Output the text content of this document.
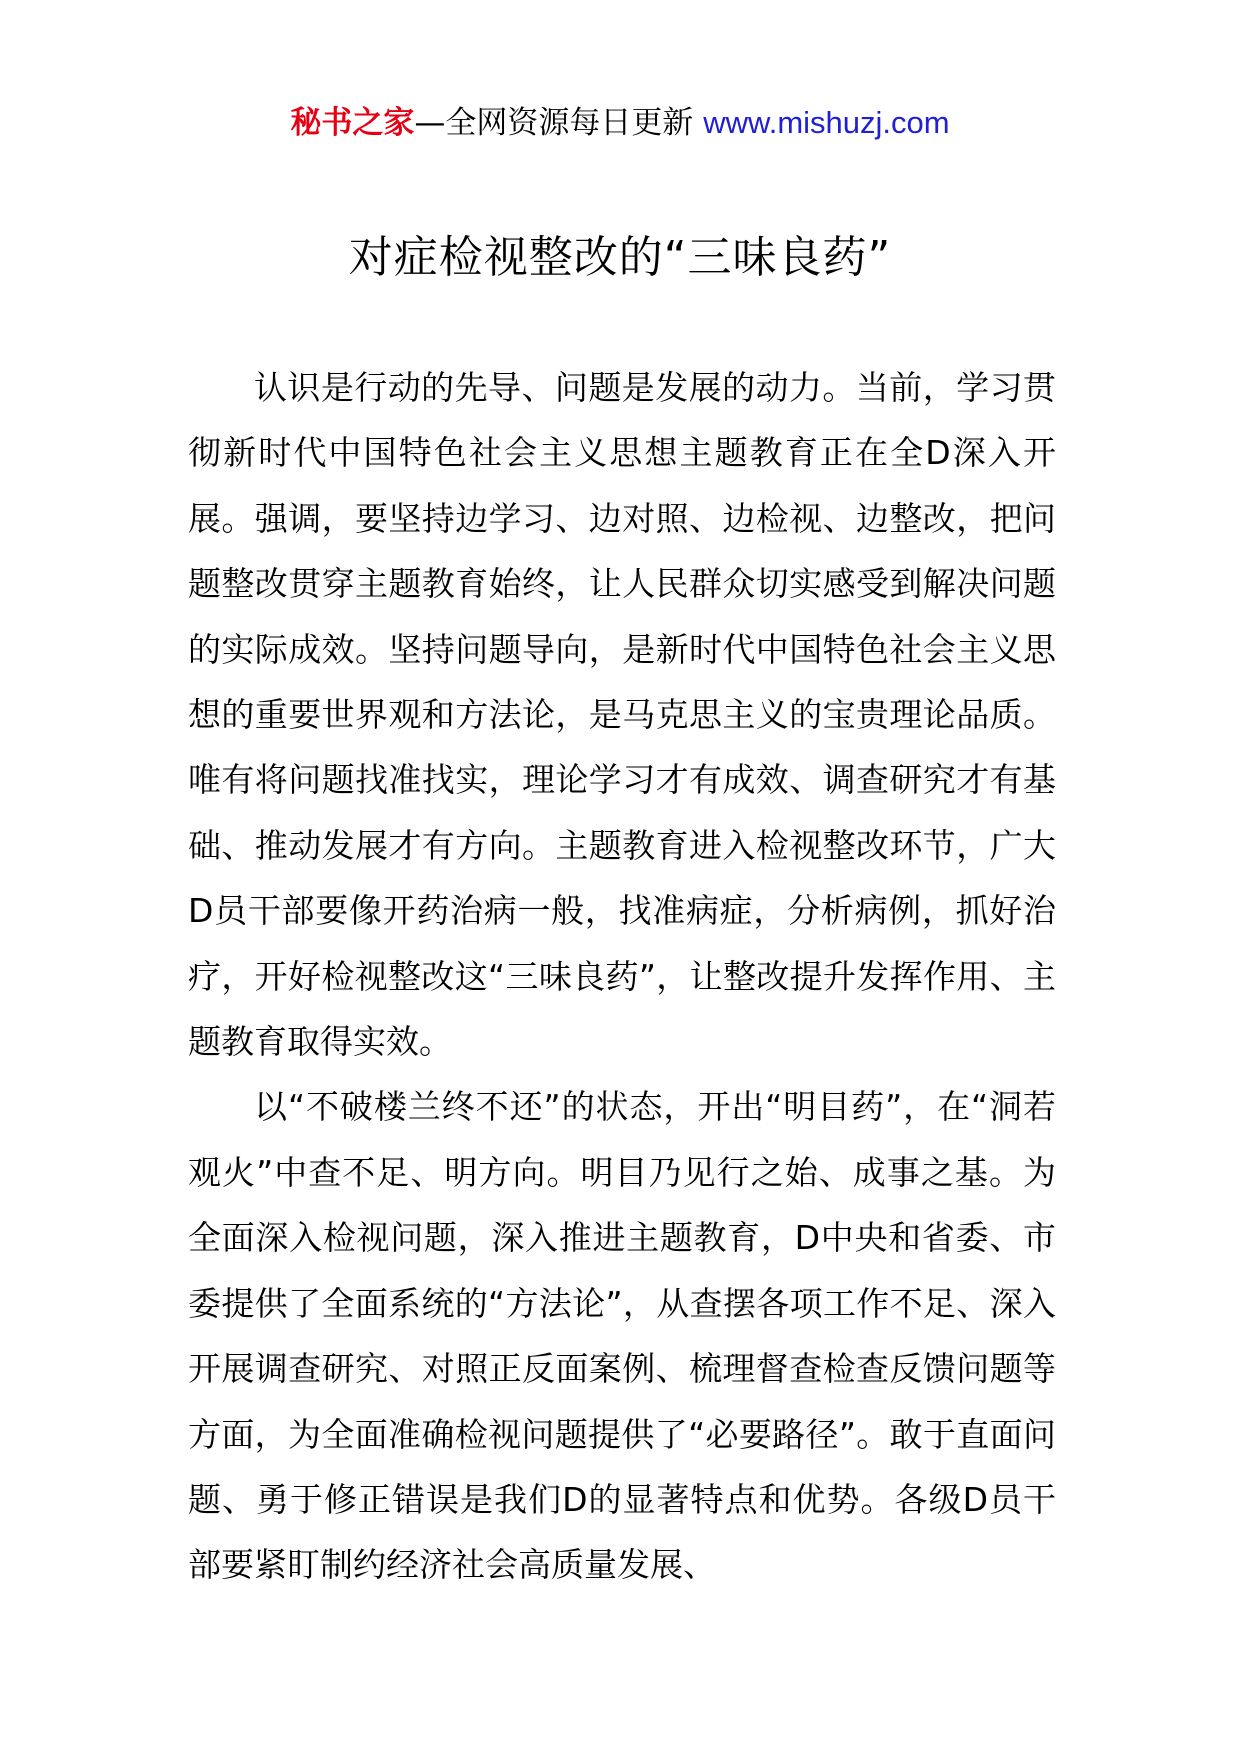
秘书之家—全网资源每日更新 www.mishuzj.com
对症检视整改的“三味良药”

认识是行动的先导、问题是发展的动力。当前，学习贯彻新时代中国特色社会主义思想主题教育正在全D深入开展。强调，要坚持边学习、边对照、边检视、边整改，把问题整改贯穿主题教育始终，让人民群众切实感受到解决问题的实际成效。坚持问题导向，是新时代中国特色社会主义思想的重要世界观和方法论，是马克思主义的宝贵理论品质。唯有将问题找准找实，理论学习才有成效、调查研究才有基础、推动发展才有方向。主题教育进入检视整改环节，广大D员干部要像开药治病一般，找准病症，分析病例，抓好治疗，开好检视整改这“三味良药”，让整改提升发挥作用、主题教育取得实效。

以“不破楼兰终不还”的状态，开出“明目药”，在“洞若观火”中查不足、明方向。明目乃见行之始、成事之基。为全面深入检视问题，深入推进主题教育，D中央和省委、市委提供了全面系统的“方法论”，从查摆各项工作不足、深入开展调查研究、对照正反面案例、梳理督查检查反馈问题等方面，为全面准确检视问题提供了“必要路径”。敢于直面问题、勇于修正错误是我们D的显著特点和优势。各级D员干部要紧盯制约经济社会高质量发展、
